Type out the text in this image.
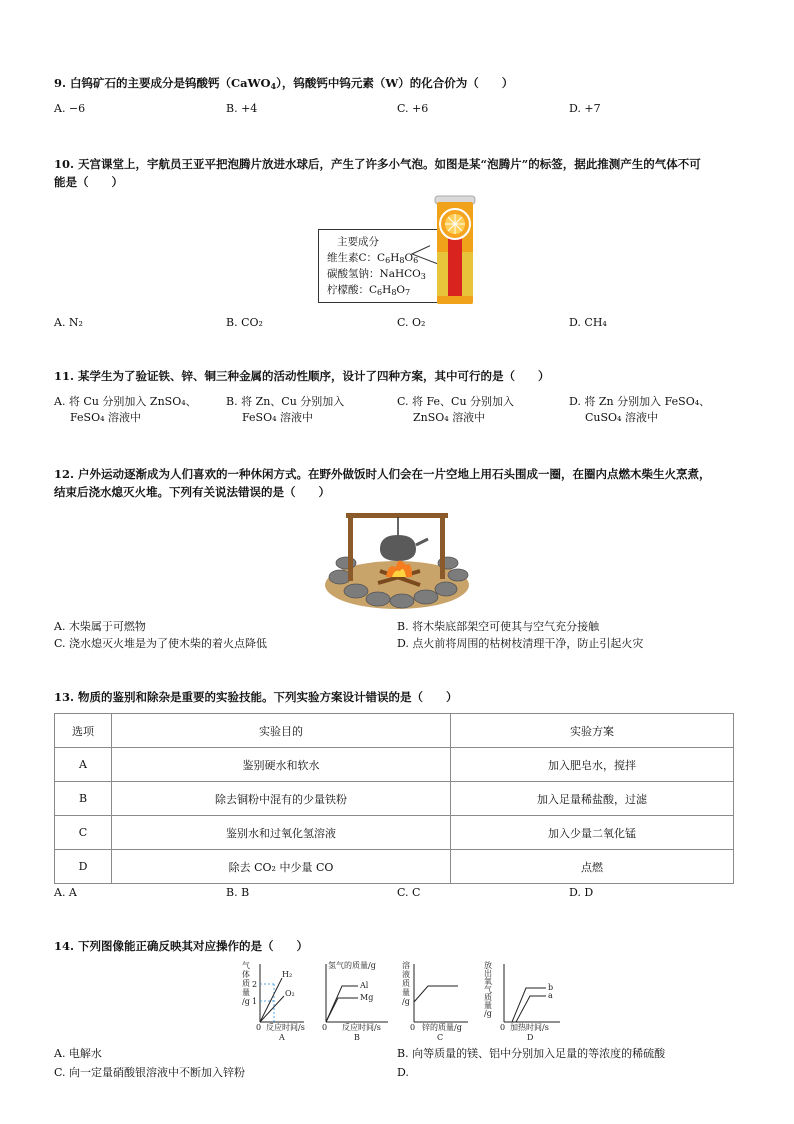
9. 白钨矿石的主要成分是钨酸钙（CaWO$_4$），钨酸钙中钨元素（W）的化合价为（　　）
A. −6	B. +4	C. +6	D. +7
10. 天宫课堂上，宇航员王亚平把泡腾片放进水球后，产生了许多小气泡。如图是某“泡腾片”的标签，据此推测产生的气体不可
能是（　　）
主要成分
维生素C：$C_6H_8O_6$
碳酸氢钠：NaHCO$_3$
柠檬酸：$C_6H_8O_7$
A. N₂	B. CO₂	C. O₂	D. CH₄
11. 某学生为了验证铁、锌、铜三种金属的活动性顺序，设计了四种方案，其中可行的是（　　）
A. 将 Cu 分别加入 ZnSO₄、
FeSO₄ 溶液中
B. 将 Zn、Cu 分别加入
FeSO₄ 溶液中
C. 将 Fe、Cu 分别加入
ZnSO₄ 溶液中
D. 将 Zn 分别加入 FeSO₄、
CuSO₄ 溶液中
12. 户外运动逐渐成为人们喜欢的一种休闲方式。在野外做饭时人们会在一片空地上用石头围成一圈，在圈内点燃木柴生火烹煮，
结束后浇水熄灭火堆。下列有关说法错误的是（　　）
A. 木柴属于可燃物	B. 将木柴底部架空可使其与空气充分接触
C. 浇水熄灭火堆是为了使木柴的着火点降低	D. 点火前将周围的枯树枝清理干净，防止引起火灾
13. 物质的鉴别和除杂是重要的实验技能。下列实验方案设计错误的是（　　）
选项	实验目的	实验方案
A	鉴别硬水和软水	加入肥皂水，搅拌
B	除去铜粉中混有的少量铁粉	加入足量稀盐酸，过滤
C	鉴别水和过氧化氢溶液	加入少量二氧化锰
D	除去 CO₂ 中少量 CO	点燃
A. A	B. B	C. C	D. D
14. 下列图像能正确反映其对应操作的是（　　）
气
体
质
量
/g
2
1
0
H₂
O₂
反应时间/s
A
氢气的质量/g
0
Al
Mg
反应时间/s
B
溶
液
质
量
/g
0 锌的质量/g
C
放
出
氧
气
质
量
/g
0
b
a
加热时间/s
D
A. 电解水	B. 向等质量的镁、铝中分别加入足量的等浓度的稀硫酸
C. 向一定量硝酸银溶液中不断加入锌粉	D.
